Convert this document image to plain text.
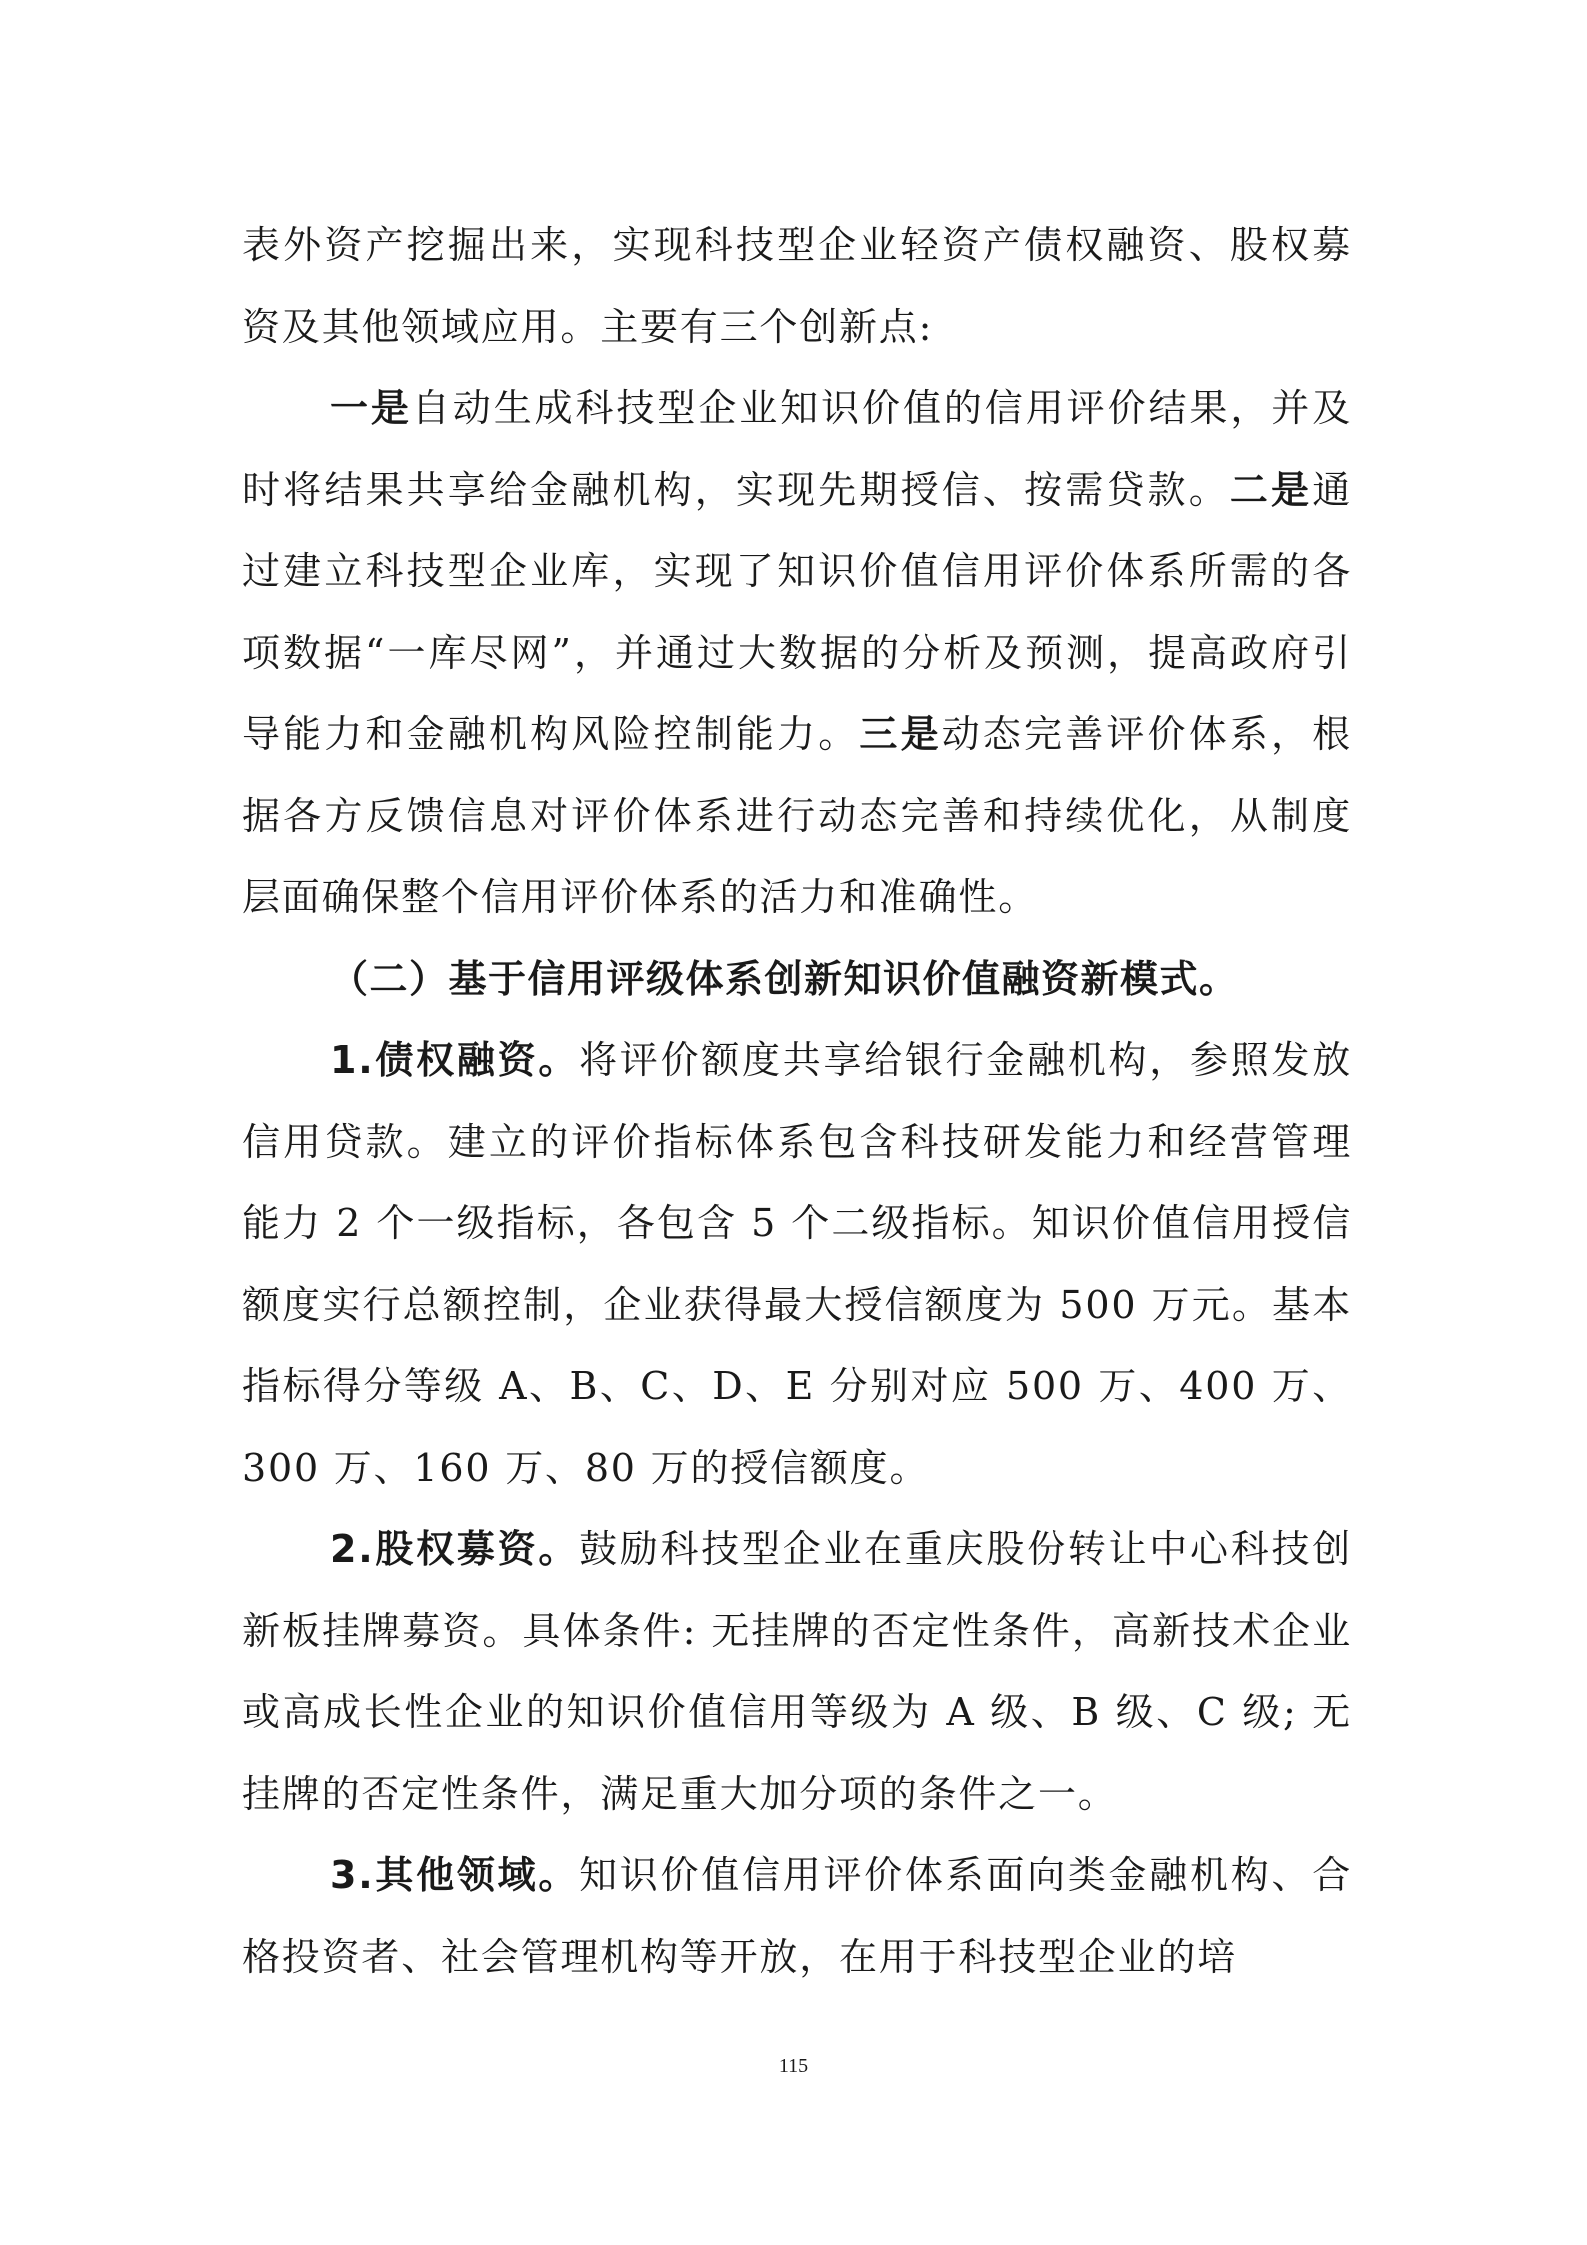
表外资产挖掘出来，实现科技型企业轻资产债权融资、股权募资及其他领域应用。主要有三个创新点:

一是自动生成科技型企业知识价值的信用评价结果，并及时将结果共享给金融机构，实现先期授信、按需贷款。二是通过建立科技型企业库，实现了知识价值信用评价体系所需的各项数据“一库尽网”，并通过大数据的分析及预测，提高政府引导能力和金融机构风险控制能力。三是动态完善评价体系，根据各方反馈信息对评价体系进行动态完善和持续优化，从制度层面确保整个信用评价体系的活力和准确性。

（二）基于信用评级体系创新知识价值融资新模式。

1.债权融资。将评价额度共享给银行金融机构，参照发放信用贷款。建立的评价指标体系包含科技研发能力和经营管理能力 2 个一级指标，各包含 5 个二级指标。知识价值信用授信额度实行总额控制，企业获得最大授信额度为 500 万元。基本指标得分等级 A、B、C、D、E 分别对应 500 万、400 万、300 万、160 万、80 万的授信额度。

2.股权募资。鼓励科技型企业在重庆股份转让中心科技创新板挂牌募资。具体条件: 无挂牌的否定性条件，高新技术企业或高成长性企业的知识价值信用等级为 A 级、B 级、C 级; 无挂牌的否定性条件，满足重大加分项的条件之一。

3.其他领域。知识价值信用评价体系面向类金融机构、合格投资者、社会管理机构等开放，在用于科技型企业的培

115
